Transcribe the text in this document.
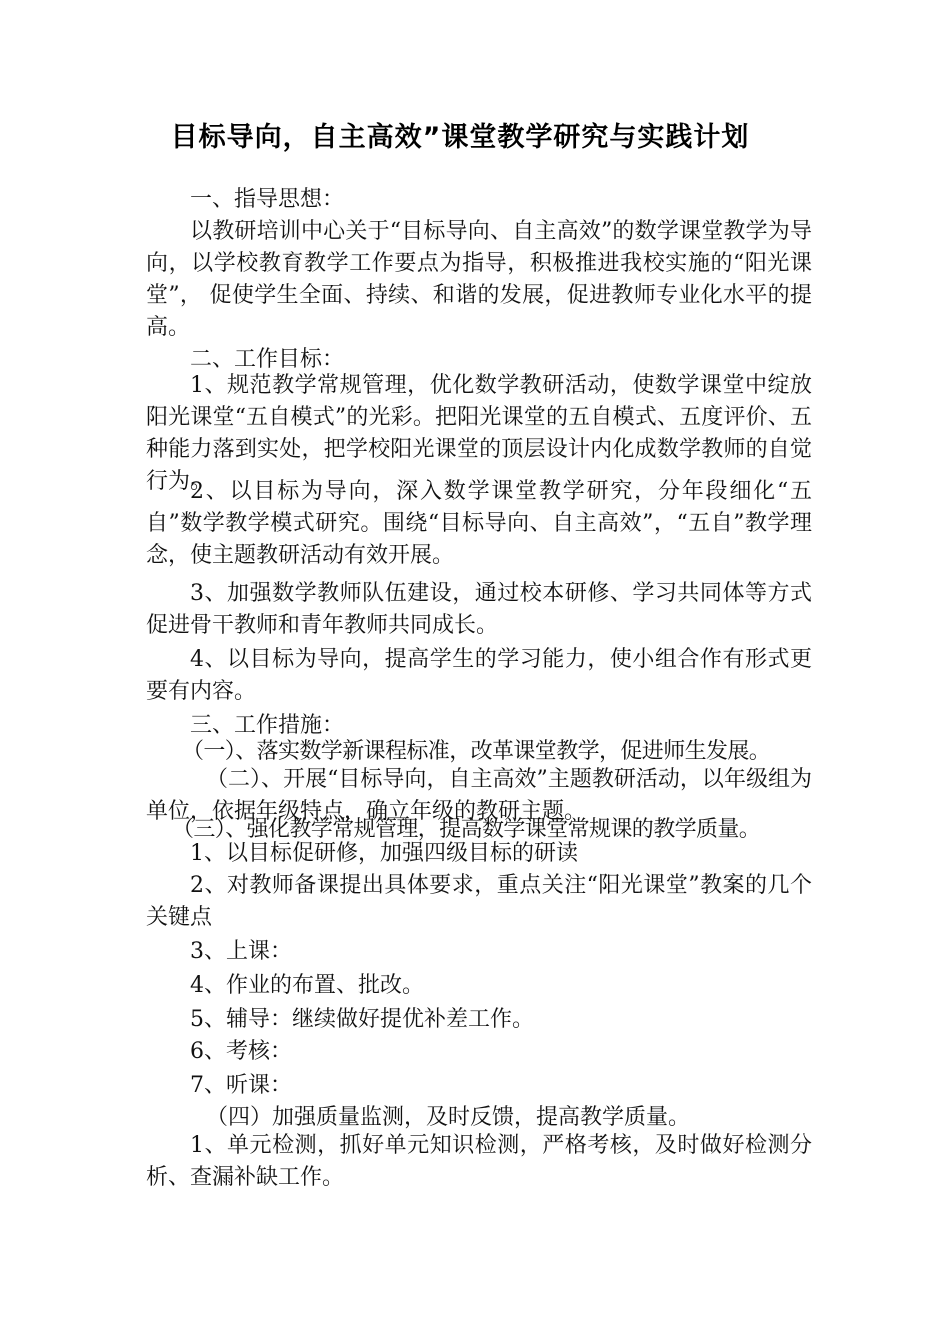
目标导向，自主高效”课堂教学研究与实践计划
一、指导思想：
以教研培训中心关于“目标导向、自主高效”的数学课堂教学为导向，以学校教育教学工作要点为指导，积极推进我校实施的“阳光课堂”， 促使学生全面、持续、和谐的发展，促进教师专业化水平的提高。
二、工作目标：
1、规范教学常规管理，优化数学教研活动，使数学课堂中绽放阳光课堂“五自模式”的光彩。把阳光课堂的五自模式、五度评价、五种能力落到实处，把学校阳光课堂的顶层设计内化成数学教师的自觉行为。
2、以目标为导向，深入数学课堂教学研究，分年段细化“五自”数学教学模式研究。围绕“目标导向、自主高效”，“五自”教学理念，使主题教研活动有效开展。
3、加强数学教师队伍建设，通过校本研修、学习共同体等方式促进骨干教师和青年教师共同成长。
4、以目标为导向，提高学生的学习能力，使小组合作有形式更要有内容。
三、工作措施：
（一）、落实数学新课程标准，改革课堂教学，促进师生发展。
（二）、开展“目标导向，自主高效”主题教研活动，以年级组为单位，依据年级特点，确立年级的教研主题。
（三）、强化教学常规管理，提高数学课堂常规课的教学质量。
1、以目标促研修，加强四级目标的研读
2、对教师备课提出具体要求，重点关注“阳光课堂”教案的几个关键点
3、上课：
4、作业的布置、批改。
5、辅导：继续做好提优补差工作。
6、考核：
7、听课：
（四）加强质量监测，及时反馈，提高教学质量。
1、单元检测，抓好单元知识检测，严格考核，及时做好检测分析、查漏补缺工作。
